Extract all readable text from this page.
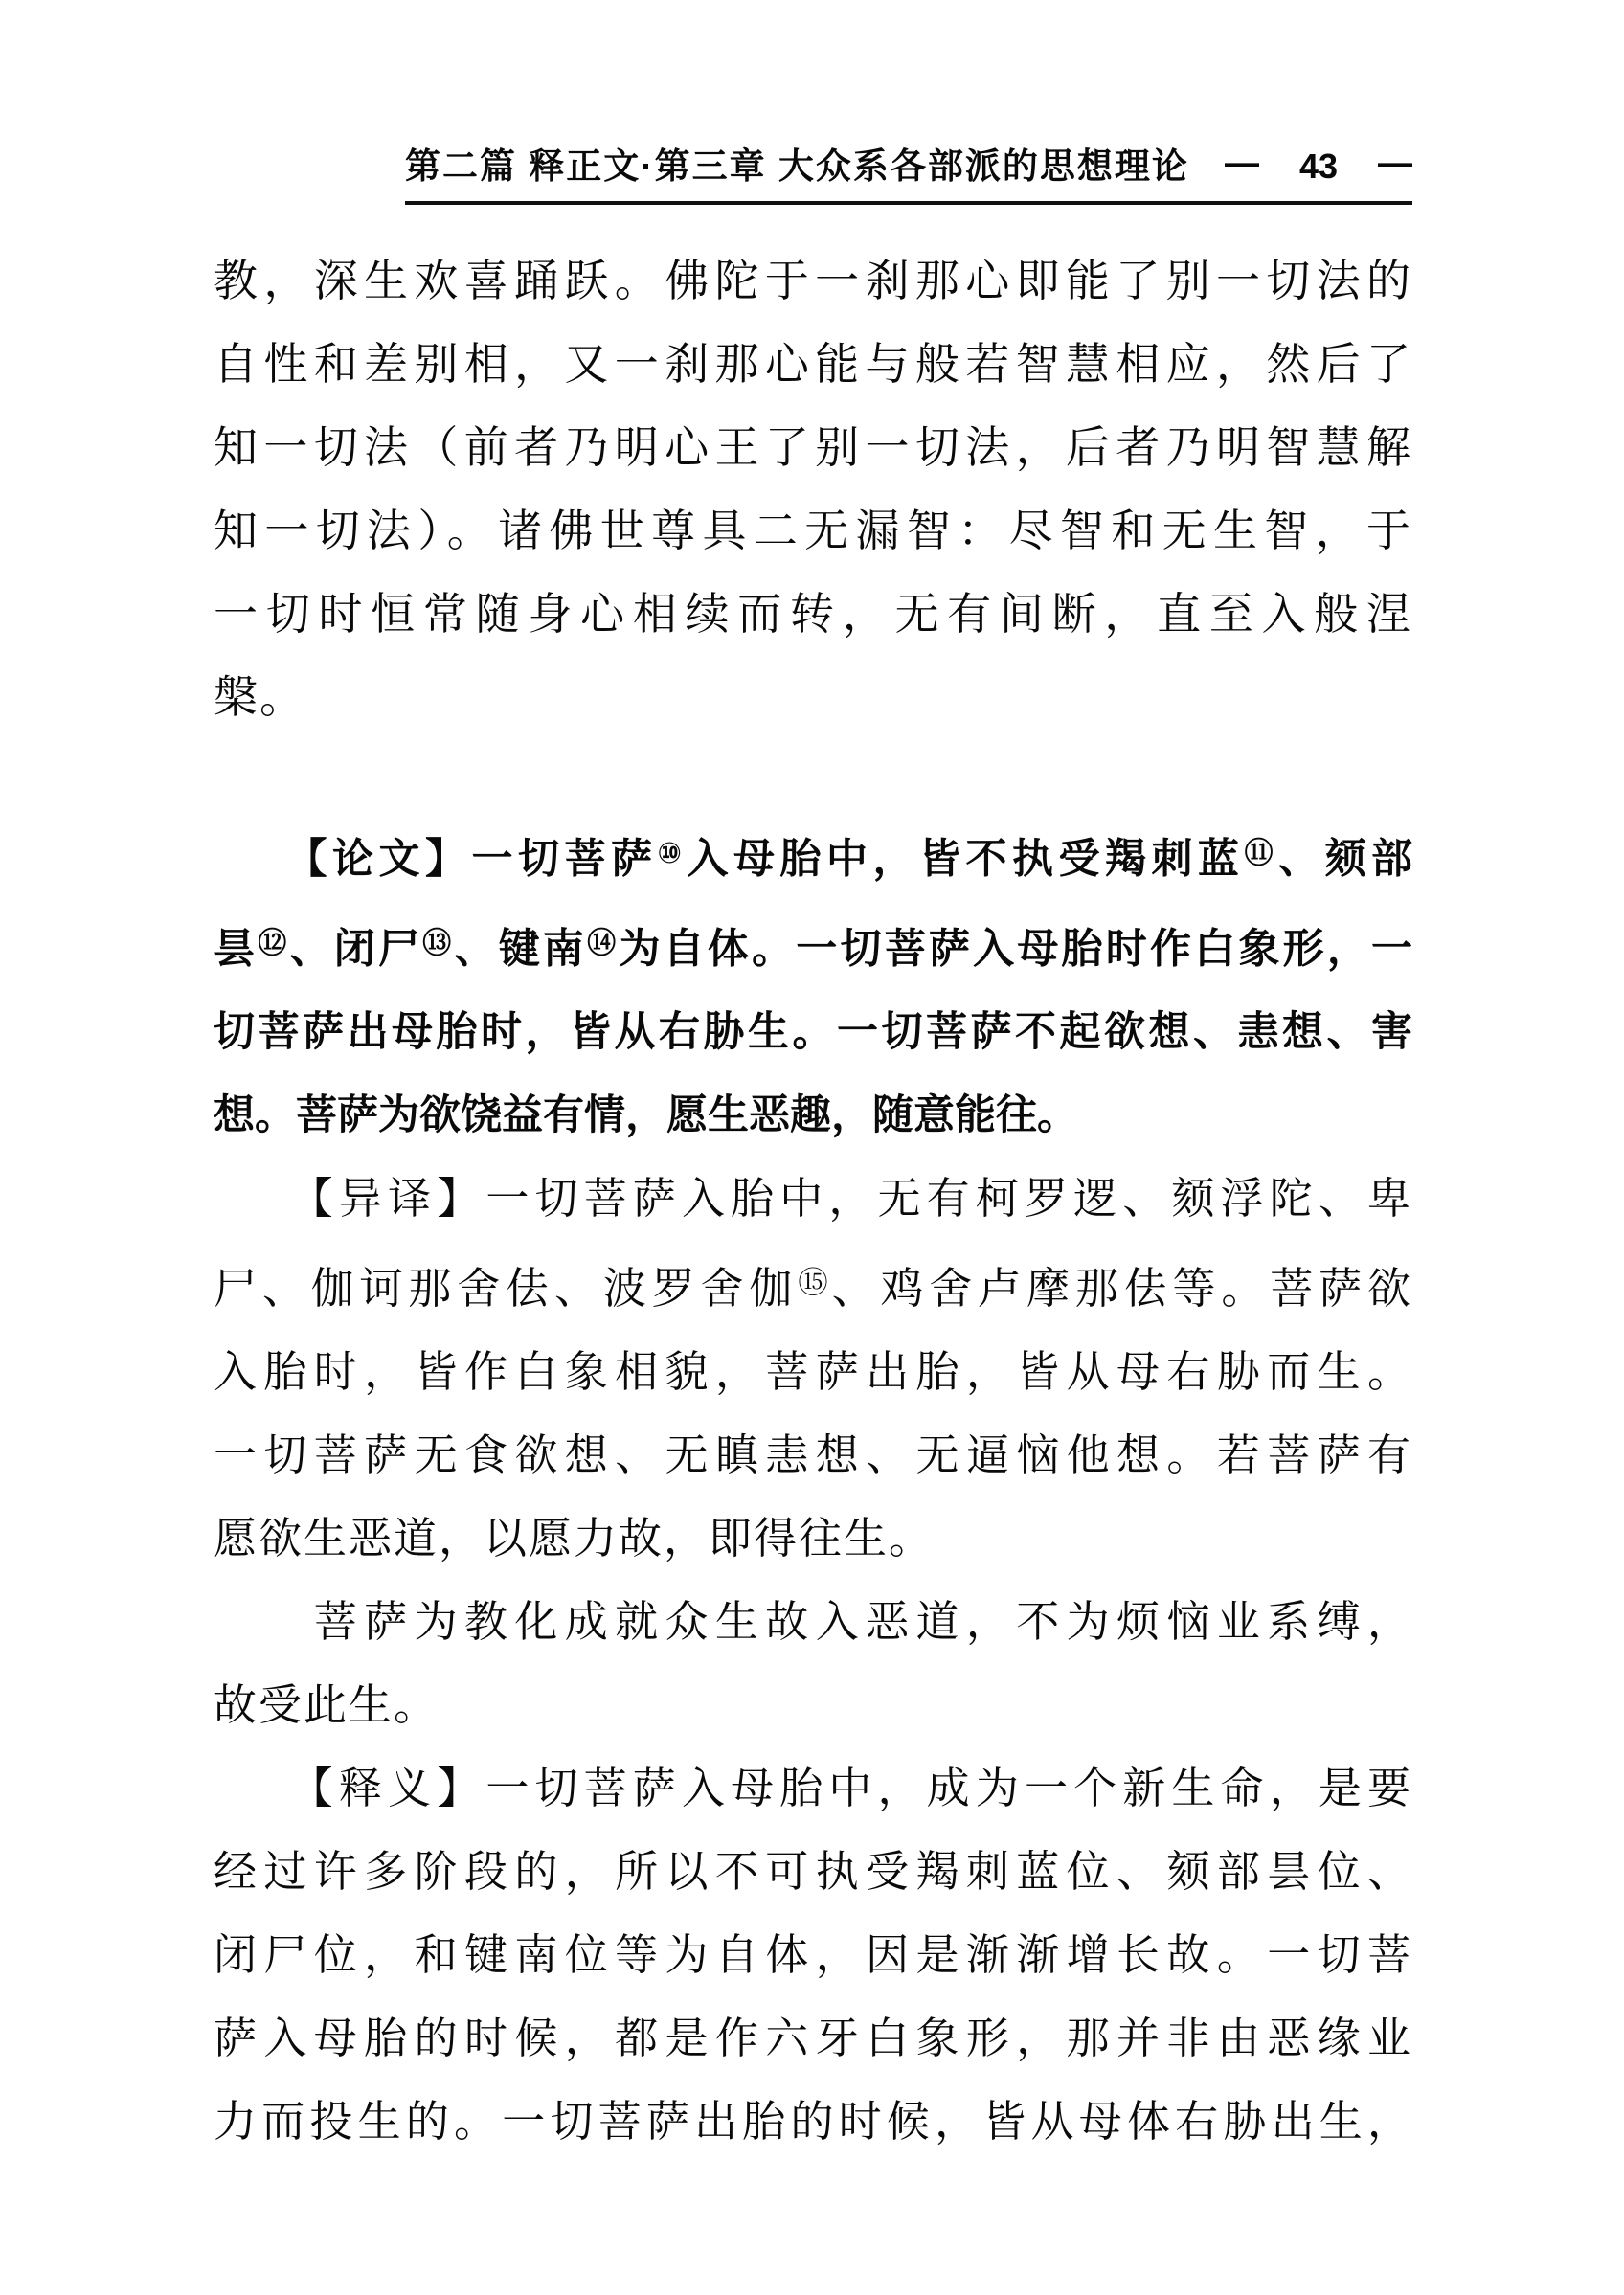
第二篇 释正文·第三章 大众系各部派的思想理论 — 43 —
教，深生欢喜踊跃。佛陀于一刹那心即能了别一切法的
自性和差别相，又一刹那心能与般若智慧相应，然后了
知一切法（前者乃明心王了别一切法，后者乃明智慧解
知一切法）。诸佛世尊具二无漏智：尽智和无生智，于
一切时恒常随身心相续而转，无有间断，直至入般涅
槃。
　　【论文】一切菩萨⑩入母胎中，皆不执受羯刺蓝⑪、颏部
昙⑫、闭尸⑬、键南⑭为自体。一切菩萨入母胎时作白象形，一
切菩萨出母胎时，皆从右胁生。一切菩萨不起欲想、恚想、害
想。菩萨为欲饶益有情，愿生恶趣，随意能往。
　　【异译】一切菩萨入胎中，无有柯罗逻、颏浮陀、卑
尸、伽诃那舍佉、波罗舍伽⑮、鸡舍卢摩那佉等。菩萨欲
入胎时，皆作白象相貌，菩萨出胎，皆从母右胁而生。
一切菩萨无食欲想、无瞋恚想、无逼恼他想。若菩萨有
愿欲生恶道，以愿力故，即得往生。
　　菩萨为教化成就众生故入恶道，不为烦恼业系缚，
故受此生。
　　【释义】一切菩萨入母胎中，成为一个新生命，是要
经过许多阶段的，所以不可执受羯刺蓝位、颏部昙位、
闭尸位，和键南位等为自体，因是渐渐增长故。一切菩
萨入母胎的时候，都是作六牙白象形，那并非由恶缘业
力而投生的。一切菩萨出胎的时候，皆从母体右胁出生，
